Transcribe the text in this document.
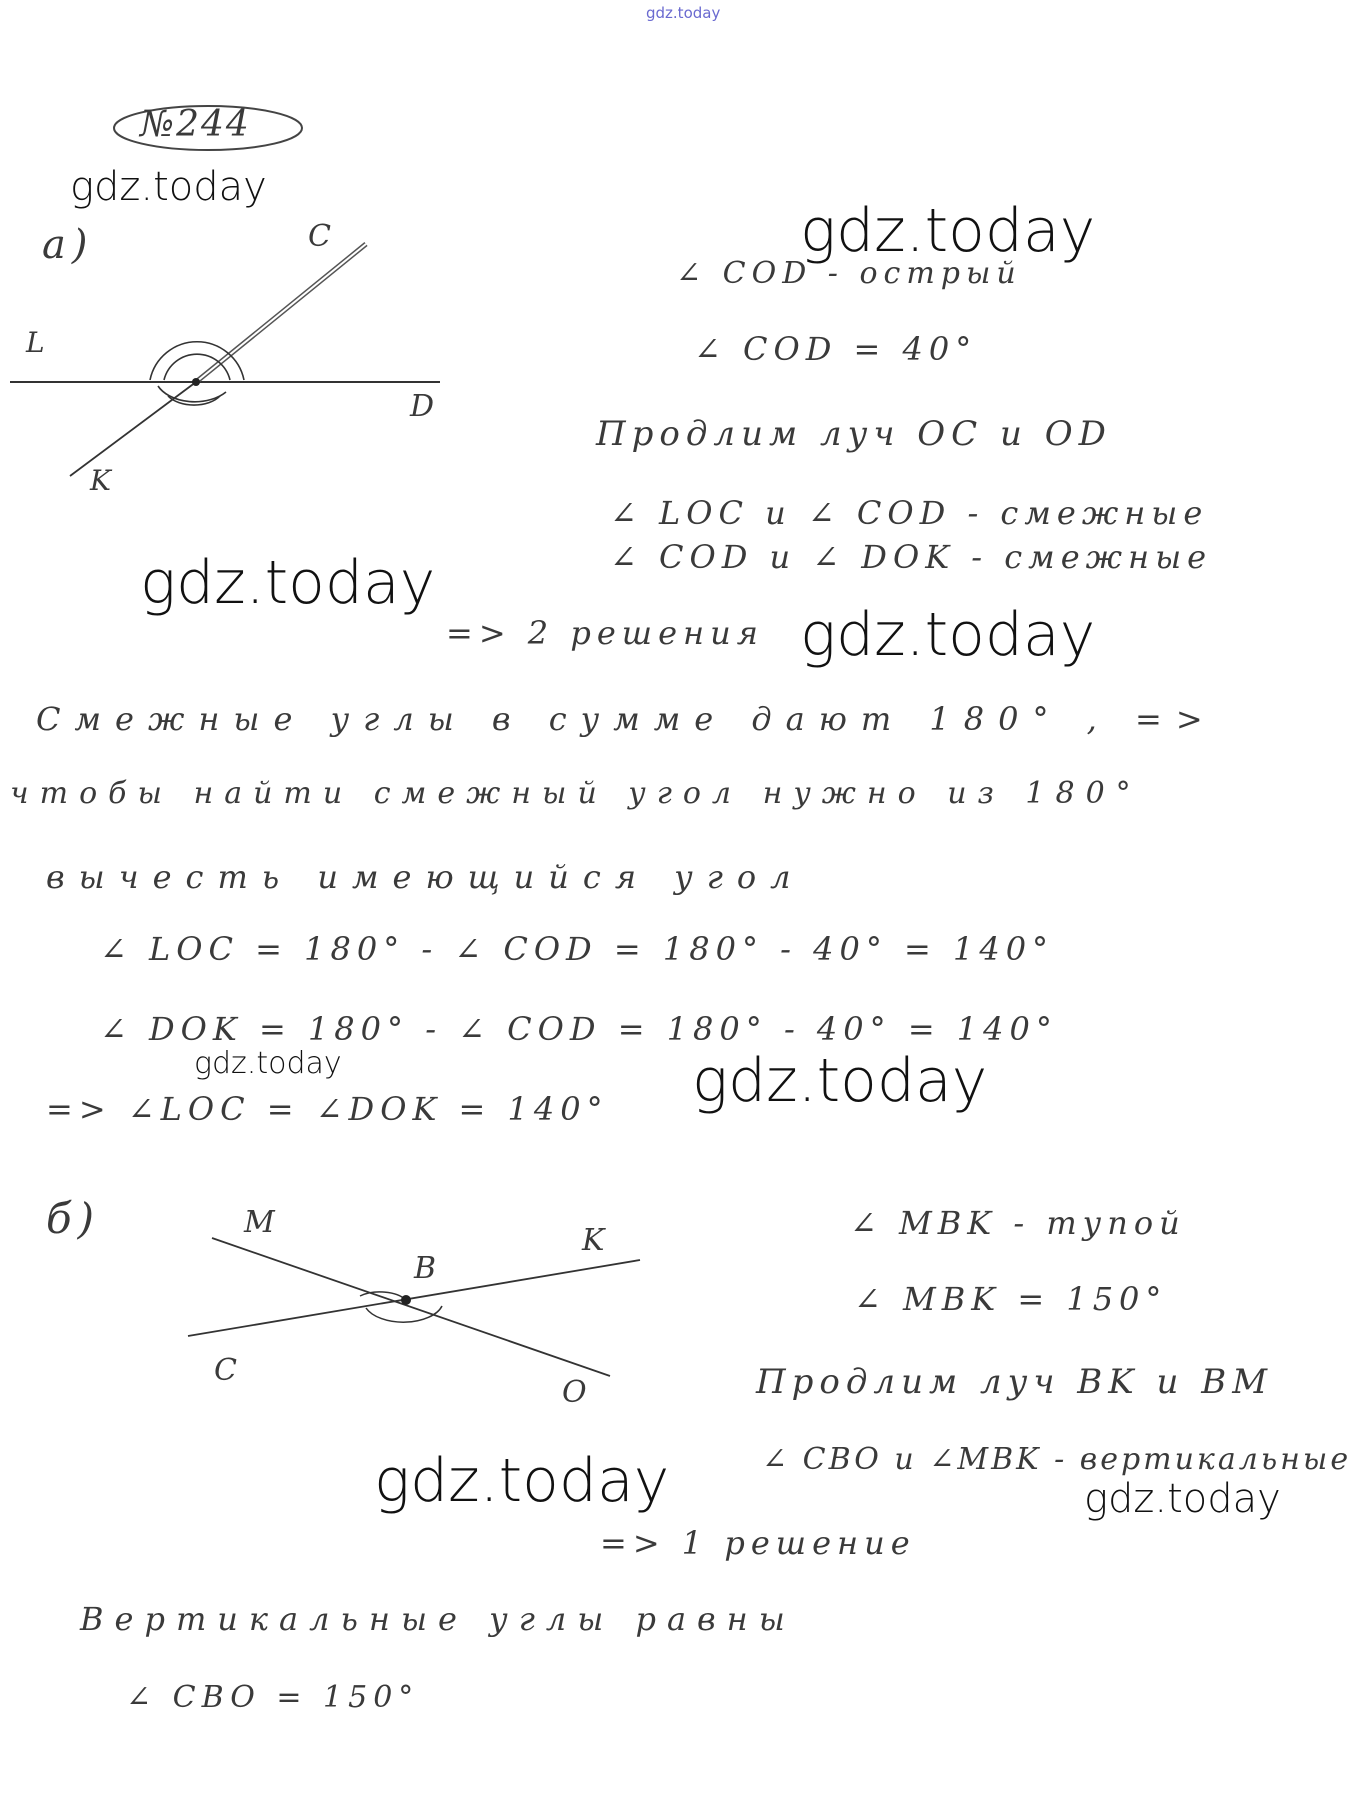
gdz.today
№244
а)	C
L
D
K
∠ COD - острый
∠ COD = 40°
Продлим луч OC и OD
∠ LOC и ∠ COD - смежные
∠ COD и ∠ DOK - смежные
=> 2 решения
Смежные углы в сумме дают 180° , =>
чтобы найти смежный угол нужно из 180°
вычесть имеющийся угол
∠ LOC = 180° - ∠ COD = 180° - 40° = 140°
∠ DOK = 180° - ∠ COD = 180° - 40° = 140°
=> ∠LOC = ∠DOK = 140°
б)	M
K
B
C
O
∠ MBK - тупой
∠ MBK = 150°
Продлим луч BK и BM
∠ CBO и ∠MBK - вертикальные
=> 1 решение
Вертикальные углы равны
∠ CBO = 150°
gdz.today
gdz.today
gdz.today
gdz.today
gdz.today	gdz.today
gdz.today	gdz.today
